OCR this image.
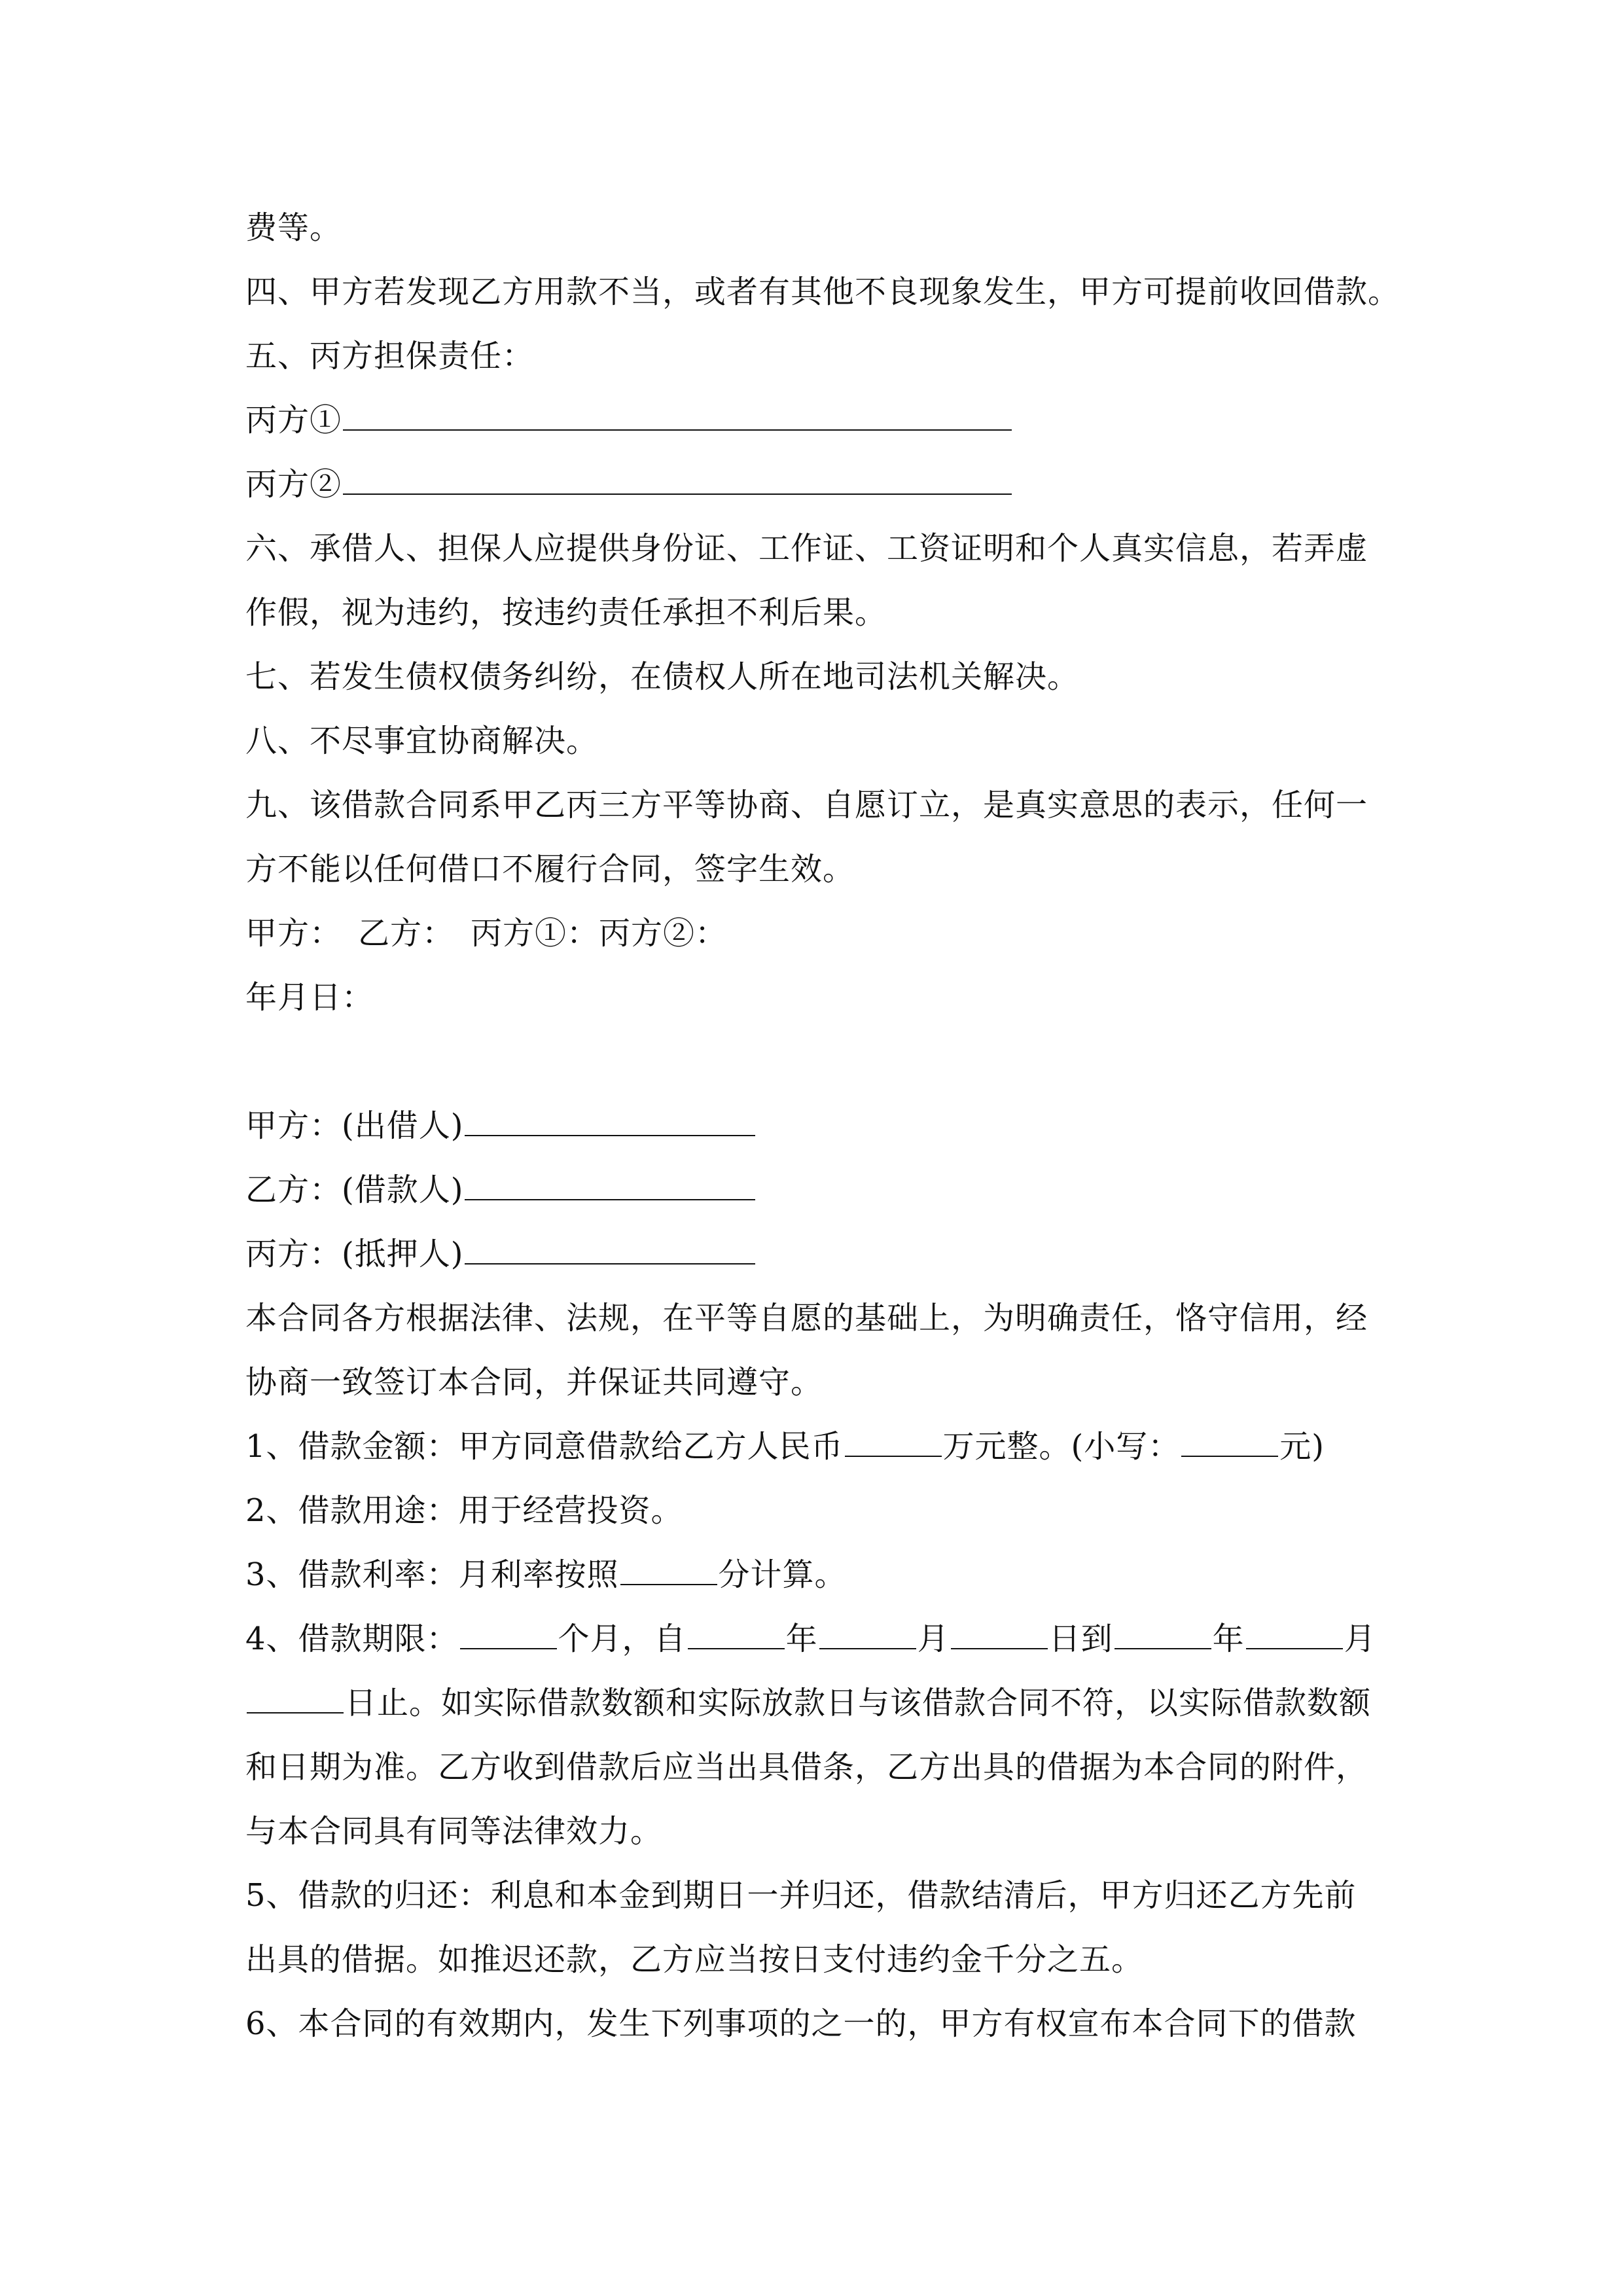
费等。
四、甲方若发现乙方用款不当，或者有其他不良现象发生，甲方可提前收回借款。
五、丙方担保责任：
丙方①
丙方②
六、承借人、担保人应提供身份证、工作证、工资证明和个人真实信息，若弄虚
作假，视为违约，按违约责任承担不利后果。
七、若发生债权债务纠纷，在债权人所在地司法机关解决。
八、不尽事宜协商解决。
九、该借款合同系甲乙丙三方平等协商、自愿订立，是真实意思的表示，任何一
方不能以任何借口不履行合同，签字生效。
甲方：　乙方：　丙方①：丙方②：
年月日：
甲方：(出借人)
乙方：(借款人)
丙方：(抵押人)
本合同各方根据法律、法规，在平等自愿的基础上，为明确责任，恪守信用，经
协商一致签订本合同，并保证共同遵守。
1、借款金额：甲方同意借款给乙方人民币	万元整。(小写：	元)
2、借款用途：用于经营投资。
3、借款利率：月利率按照	分计算。
4、借款期限：	个月，自	年	月	日到	年	月
日止。如实际借款数额和实际放款日与该借款合同不符，以实际借款数额
和日期为准。乙方收到借款后应当出具借条，乙方出具的借据为本合同的附件，
与本合同具有同等法律效力。
5、借款的归还：利息和本金到期日一并归还，借款结清后，甲方归还乙方先前
出具的借据。如推迟还款，乙方应当按日支付违约金千分之五。
6、本合同的有效期内，发生下列事项的之一的，甲方有权宣布本合同下的借款
